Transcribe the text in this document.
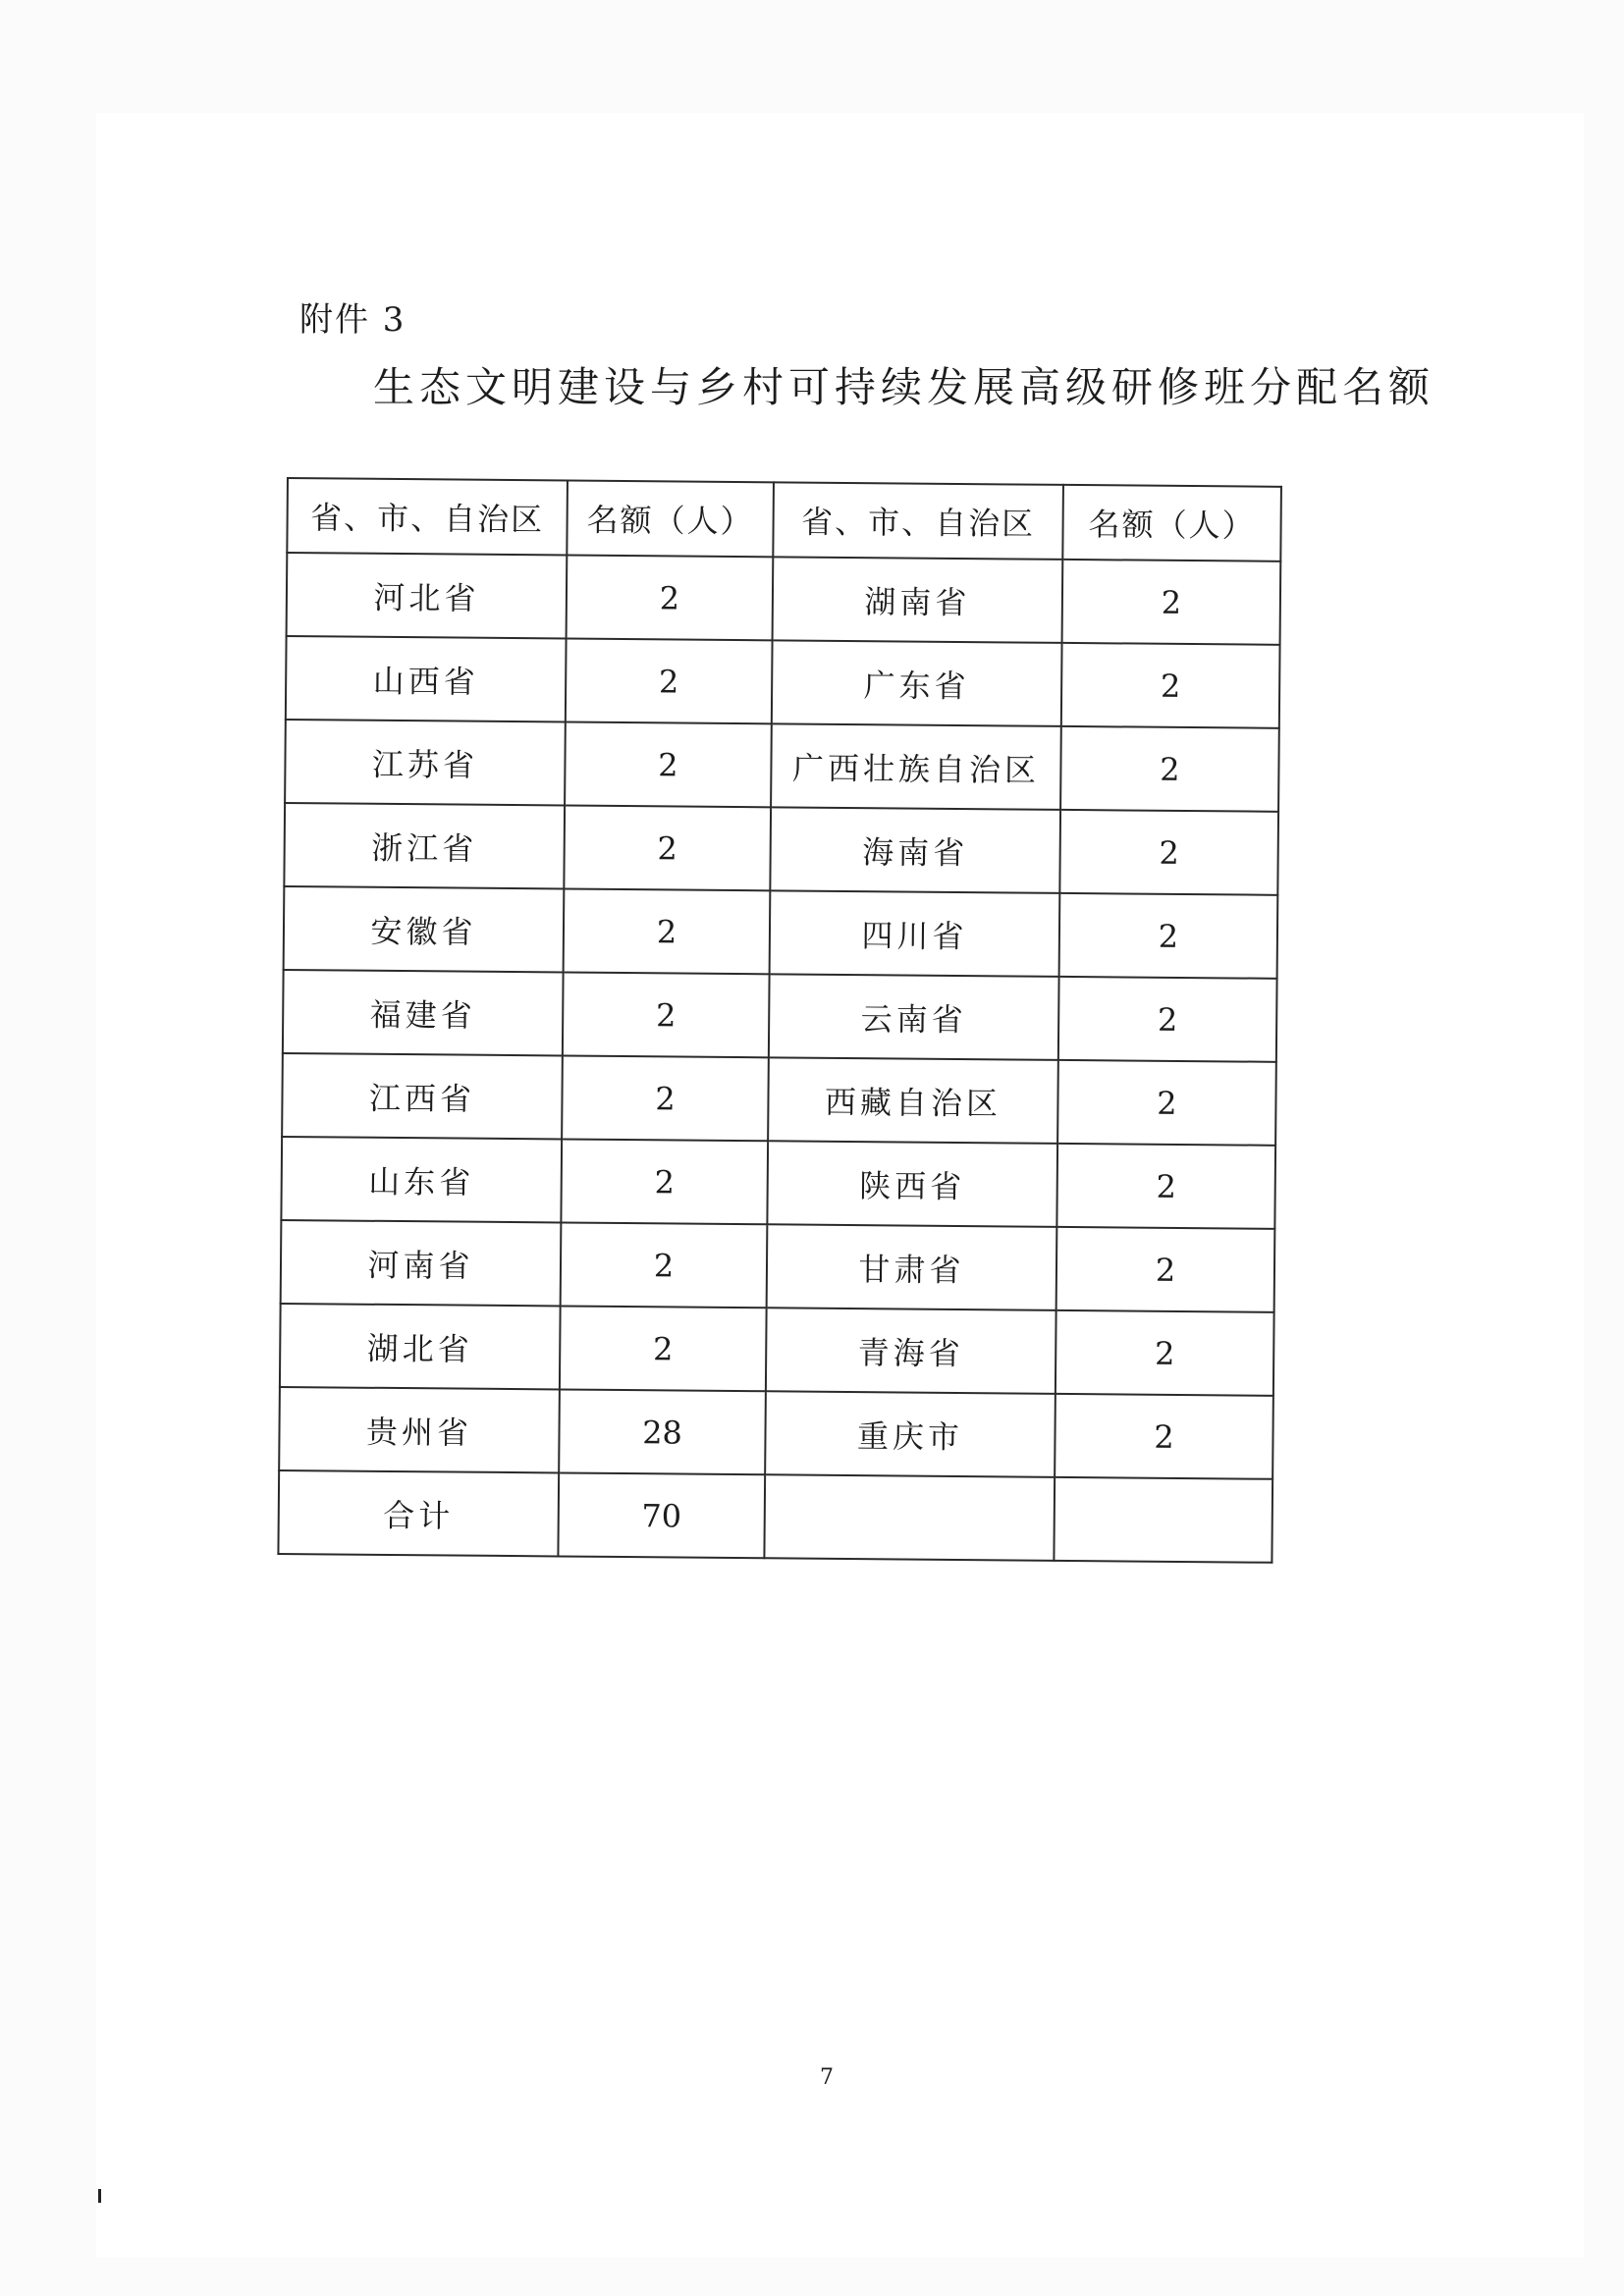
附件 3
生态文明建设与乡村可持续发展高级研修班分配名额
省、市、自治区	名额（人）	省、市、自治区	名额（人）
河北省	2	湖南省	2
山西省	2	广东省	2
江苏省	2	广西壮族自治区	2
浙江省	2	海南省	2
安徽省	2	四川省	2
福建省	2	云南省	2
江西省	2	西藏自治区	2
山东省	2	陕西省	2
河南省	2	甘肃省	2
湖北省	2	青海省	2
贵州省	28	重庆市	2
合计	70		
7
